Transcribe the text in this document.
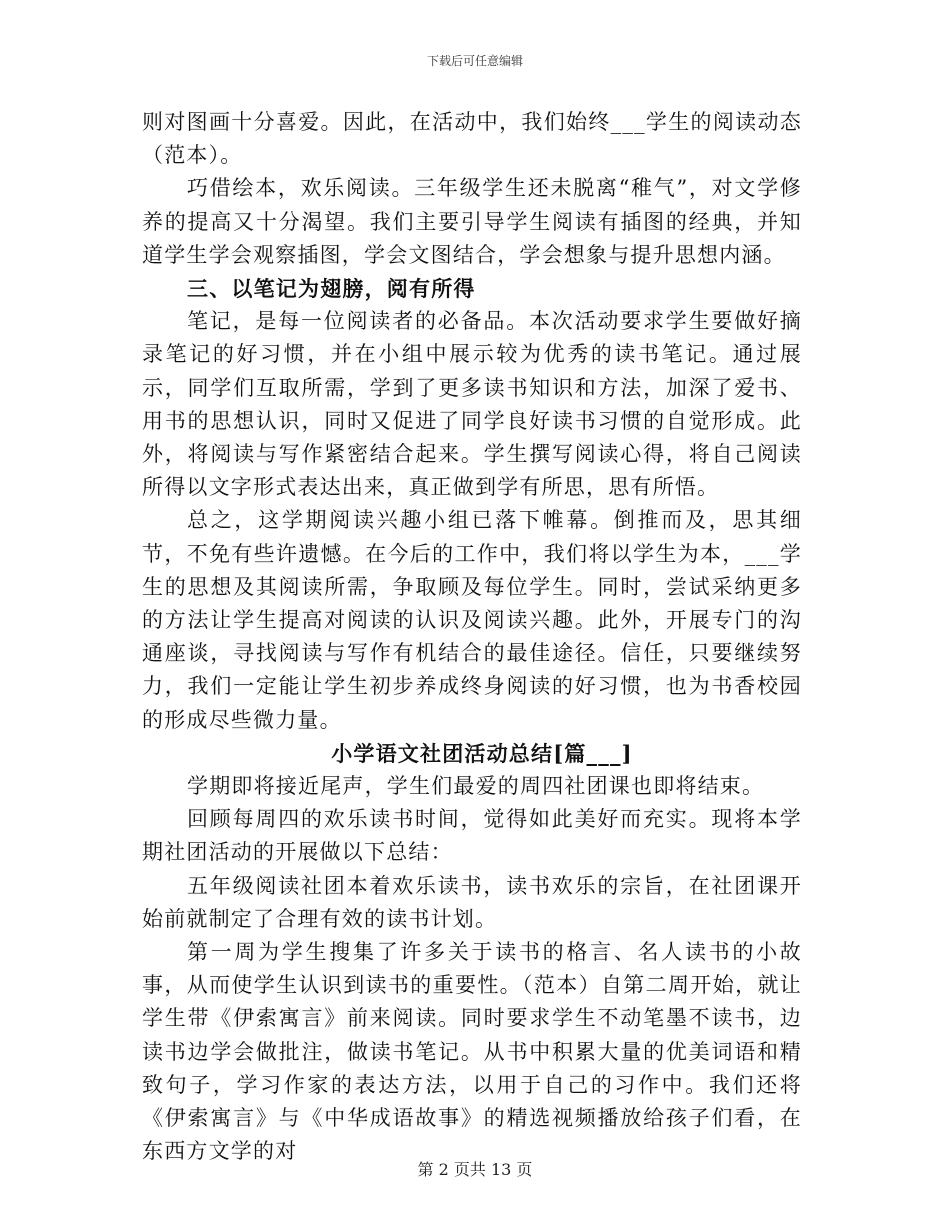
下载后可任意编辑

则对图画十分喜爱。因此，在活动中，我们始终___学生的阅读动态（范本）。

巧借绘本，欢乐阅读。三年级学生还未脱离“稚气”，对文学修养的提高又十分渴望。我们主要引导学生阅读有插图的经典，并知道学生学会观察插图，学会文图结合，学会想象与提升思想内涵。

三、以笔记为翅膀，阅有所得

笔记，是每一位阅读者的必备品。本次活动要求学生要做好摘录笔记的好习惯，并在小组中展示较为优秀的读书笔记。通过展示，同学们互取所需，学到了更多读书知识和方法，加深了爱书、用书的思想认识，同时又促进了同学良好读书习惯的自觉形成。此外，将阅读与写作紧密结合起来。学生撰写阅读心得，将自己阅读所得以文字形式表达出来，真正做到学有所思，思有所悟。

总之，这学期阅读兴趣小组已落下帷幕。倒推而及，思其细节，不免有些许遗憾。在今后的工作中，我们将以学生为本，___学生的思想及其阅读所需，争取顾及每位学生。同时，尝试采纳更多的方法让学生提高对阅读的认识及阅读兴趣。此外，开展专门的沟通座谈，寻找阅读与写作有机结合的最佳途径。信任，只要继续努力，我们一定能让学生初步养成终身阅读的好习惯，也为书香校园的形成尽些微力量。

小学语文社团活动总结[篇___]

学期即将接近尾声，学生们最爱的周四社团课也即将结束。

回顾每周四的欢乐读书时间，觉得如此美好而充实。现将本学期社团活动的开展做以下总结：

五年级阅读社团本着欢乐读书，读书欢乐的宗旨，在社团课开始前就制定了合理有效的读书计划。

第一周为学生搜集了许多关于读书的格言、名人读书的小故事，从而使学生认识到读书的重要性。（范本）自第二周开始，就让学生带《伊索寓言》前来阅读。同时要求学生不动笔墨不读书，边读书边学会做批注，做读书笔记。从书中积累大量的优美词语和精致句子，学习作家的表达方法，以用于自己的习作中。我们还将《伊索寓言》与《中华成语故事》的精选视频播放给孩子们看，在东西方文学的对

第 2 页共 13 页
